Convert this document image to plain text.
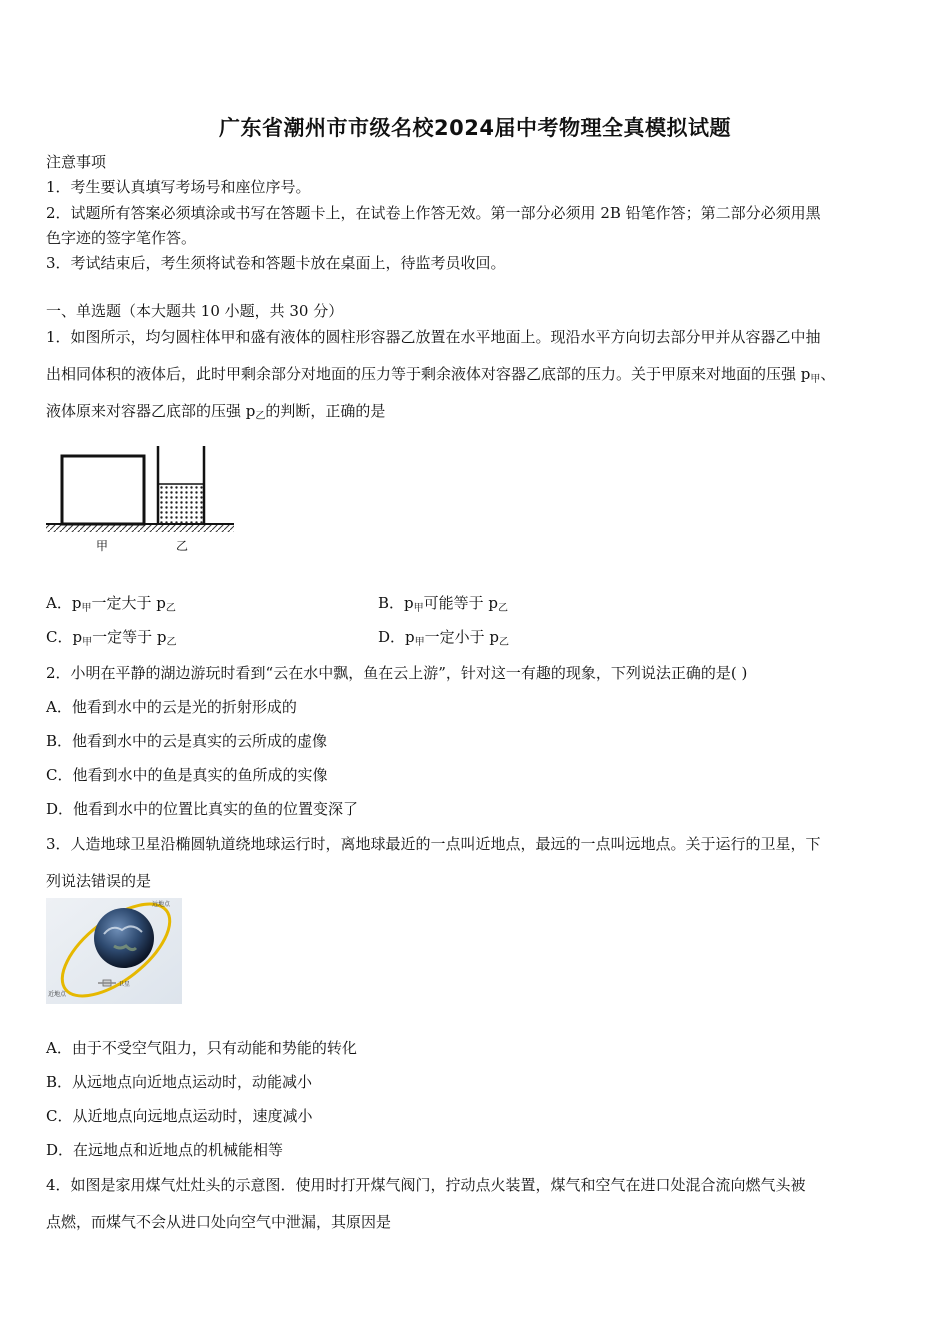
广东省潮州市市级名校2024届中考物理全真模拟试题
注意事项
1．考生要认真填写考场号和座位序号。
2．试题所有答案必须填涂或书写在答题卡上，在试卷上作答无效。第一部分必须用 2B 铅笔作答；第二部分必须用黑
色字迹的签字笔作答。
3．考试结束后，考生须将试卷和答题卡放在桌面上，待监考员收回。
一、单选题（本大题共 10 小题，共 30 分）
1．如图所示，均匀圆柱体甲和盛有液体的圆柱形容器乙放置在水平地面上。现沿水平方向切去部分甲并从容器乙中抽
出相同体积的液体后，此时甲剩余部分对地面的压力等于剩余液体对容器乙底部的压力。关于甲原来对地面的压强 $p_甲$、
液体原来对容器乙底部的压强 $p_乙$的判断，正确的是
甲	乙
A．$p_甲$一定大于 $p_乙$	B．$p_甲$可能等于 $p_乙$
C．$p_甲$一定等于 $p_乙$	D．$p_甲$一定小于 $p_乙$
2．小明在平静的湖边游玩时看到“云在水中飘，鱼在云上游”，针对这一有趣的现象，下列说法正确的是( )
A．他看到水中的云是光的折射形成的
B．他看到水中的云是真实的云所成的虚像
C．他看到水中的鱼是真实的鱼所成的实像
D．他看到水中的位置比真实的鱼的位置变深了
3．人造地球卫星沿椭圆轨道绕地球运行时，离地球最近的一点叫近地点，最远的一点叫远地点。关于运行的卫星，下
列说法错误的是
远地点
近地点
卫星
A．由于不受空气阻力，只有动能和势能的转化
B．从远地点向近地点运动时，动能减小
C．从近地点向远地点运动时，速度减小
D．在远地点和近地点的机械能相等
4．如图是家用煤气灶灶头的示意图．使用时打开煤气阀门，拧动点火装置，煤气和空气在进口处混合流向燃气头被
点燃，而煤气不会从进口处向空气中泄漏，其原因是
